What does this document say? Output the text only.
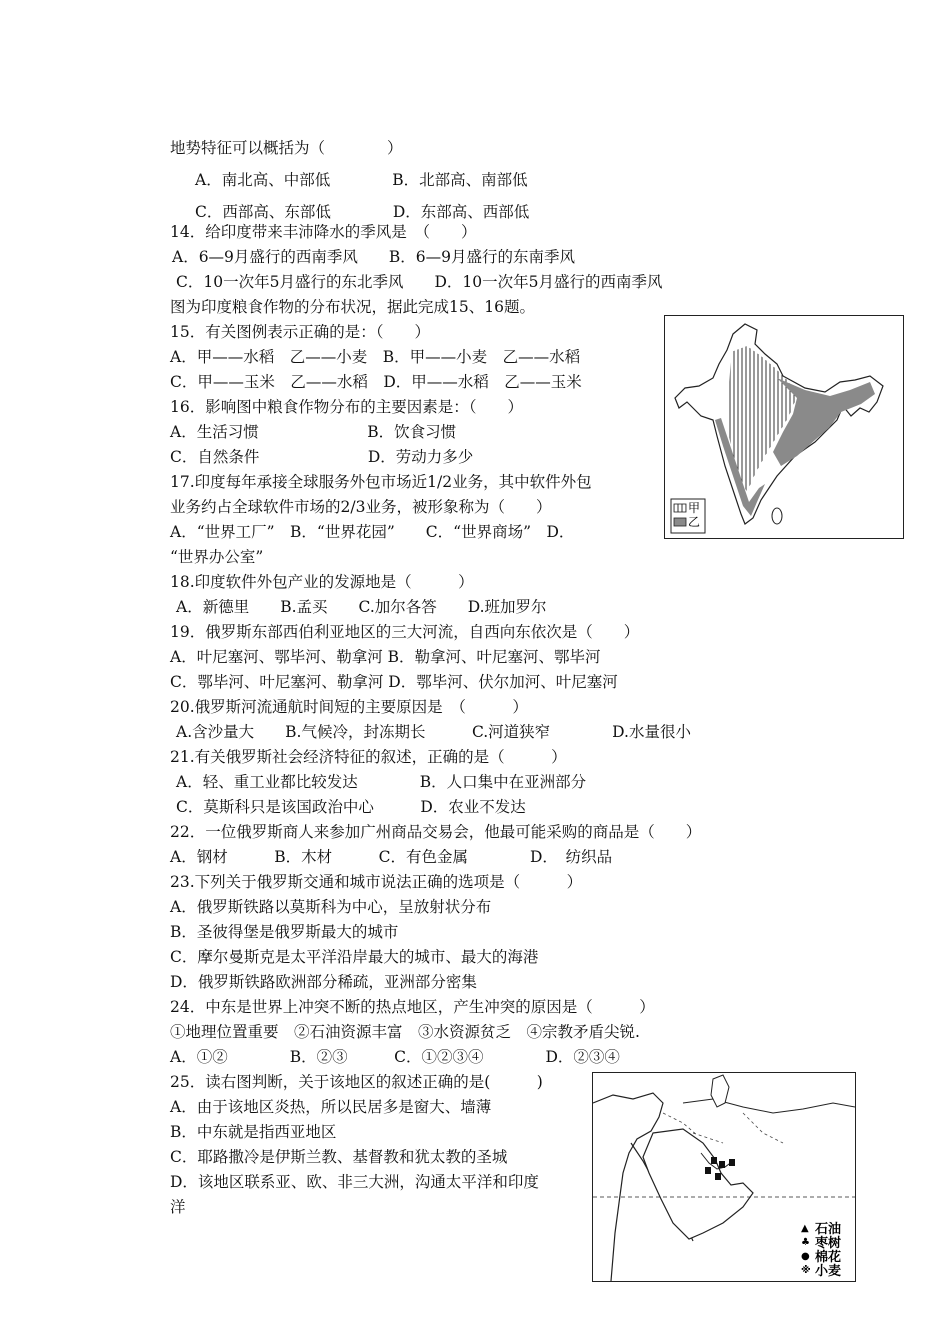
地势特征可以概括为（　　　　）
A．南北高、中部低　　　　B．北部高、南部低
C．西部高、东部低　　　　D．东部高、西部低
14．给印度带来丰沛降水的季风是　（　　）
A．6—9月盛行的西南季风　　B．6—9月盛行的东南季风
C．10一次年5月盛行的东北季风　　D．10一次年5月盛行的西南季风
图为印度粮食作物的分布状况，据此完成15、16题。
15．有关图例表示正确的是：（　　）
A．甲——水稻　乙——小麦　B．甲——小麦　乙——水稻
C．甲——玉米　乙——水稻　D．甲——水稻　乙——玉米
16．影响图中粮食作物分布的主要因素是：（　　）
A．生活习惯　　　　　　　B．饮食习惯
C．自然条件　　　　　　　D．劳动力多少
17.印度每年承接全球服务外包市场近1/2业务，其中软件外包
业务约占全球软件市场的2/3业务，被形象称为（　　）
A．“世界工厂”　B．“世界花园”　　C．“世界商场”　D．
“世界办公室”
18.印度软件外包产业的发源地是（　　　）
A．新德里　　B.孟买　　C.加尔各答　　D.班加罗尔
19．俄罗斯东部西伯利亚地区的三大河流，自西向东依次是（　　）
A．叶尼塞河、鄂毕河、勒拿河 B．勒拿河、叶尼塞河、鄂毕河
C．鄂毕河、叶尼塞河、勒拿河 D．鄂毕河、伏尔加河、叶尼塞河
20.俄罗斯河流通航时间短的主要原因是　（　　　）
A.含沙量大　　B.气候冷，封冻期长　　　C.河道狭窄　　　　D.水量很小
21.有关俄罗斯社会经济特征的叙述，正确的是（　　　）
A．轻、重工业都比较发达　　　　B．人口集中在亚洲部分
C．莫斯科只是该国政治中心　　　D．农业不发达
22．一位俄罗斯商人来参加广州商品交易会，他最可能采购的商品是（　　）
A．钢材　　　B．木材　　　C．有色金属　　　　D．　纺织品
23.下列关于俄罗斯交通和城市说法正确的选项是（　　　）
A．俄罗斯铁路以莫斯科为中心，呈放射状分布
B．圣彼得堡是俄罗斯最大的城市
C．摩尔曼斯克是太平洋沿岸最大的城市、最大的海港
D．俄罗斯铁路欧洲部分稀疏，亚洲部分密集
24．中东是世界上冲突不断的热点地区，产生冲突的原因是（　　　）
①地理位置重要　②石油资源丰富　③水资源贫乏　④宗教矛盾尖锐.
A．①②　　　　B．②③　　　C．①②③④　　　　D．②③④
25．读右图判断，关于该地区的叙述正确的是(　　　)
A．由于该地区炎热，所以民居多是窗大、墙薄
B．中东就是指西亚地区
C．耶路撒冷是伊斯兰教、基督教和犹太教的圣城
D．该地区联系亚、欧、非三大洲，沟通太平洋和印度
洋
甲
乙
▲ 石油
♣ 枣树
● 棉花
※ 小麦
